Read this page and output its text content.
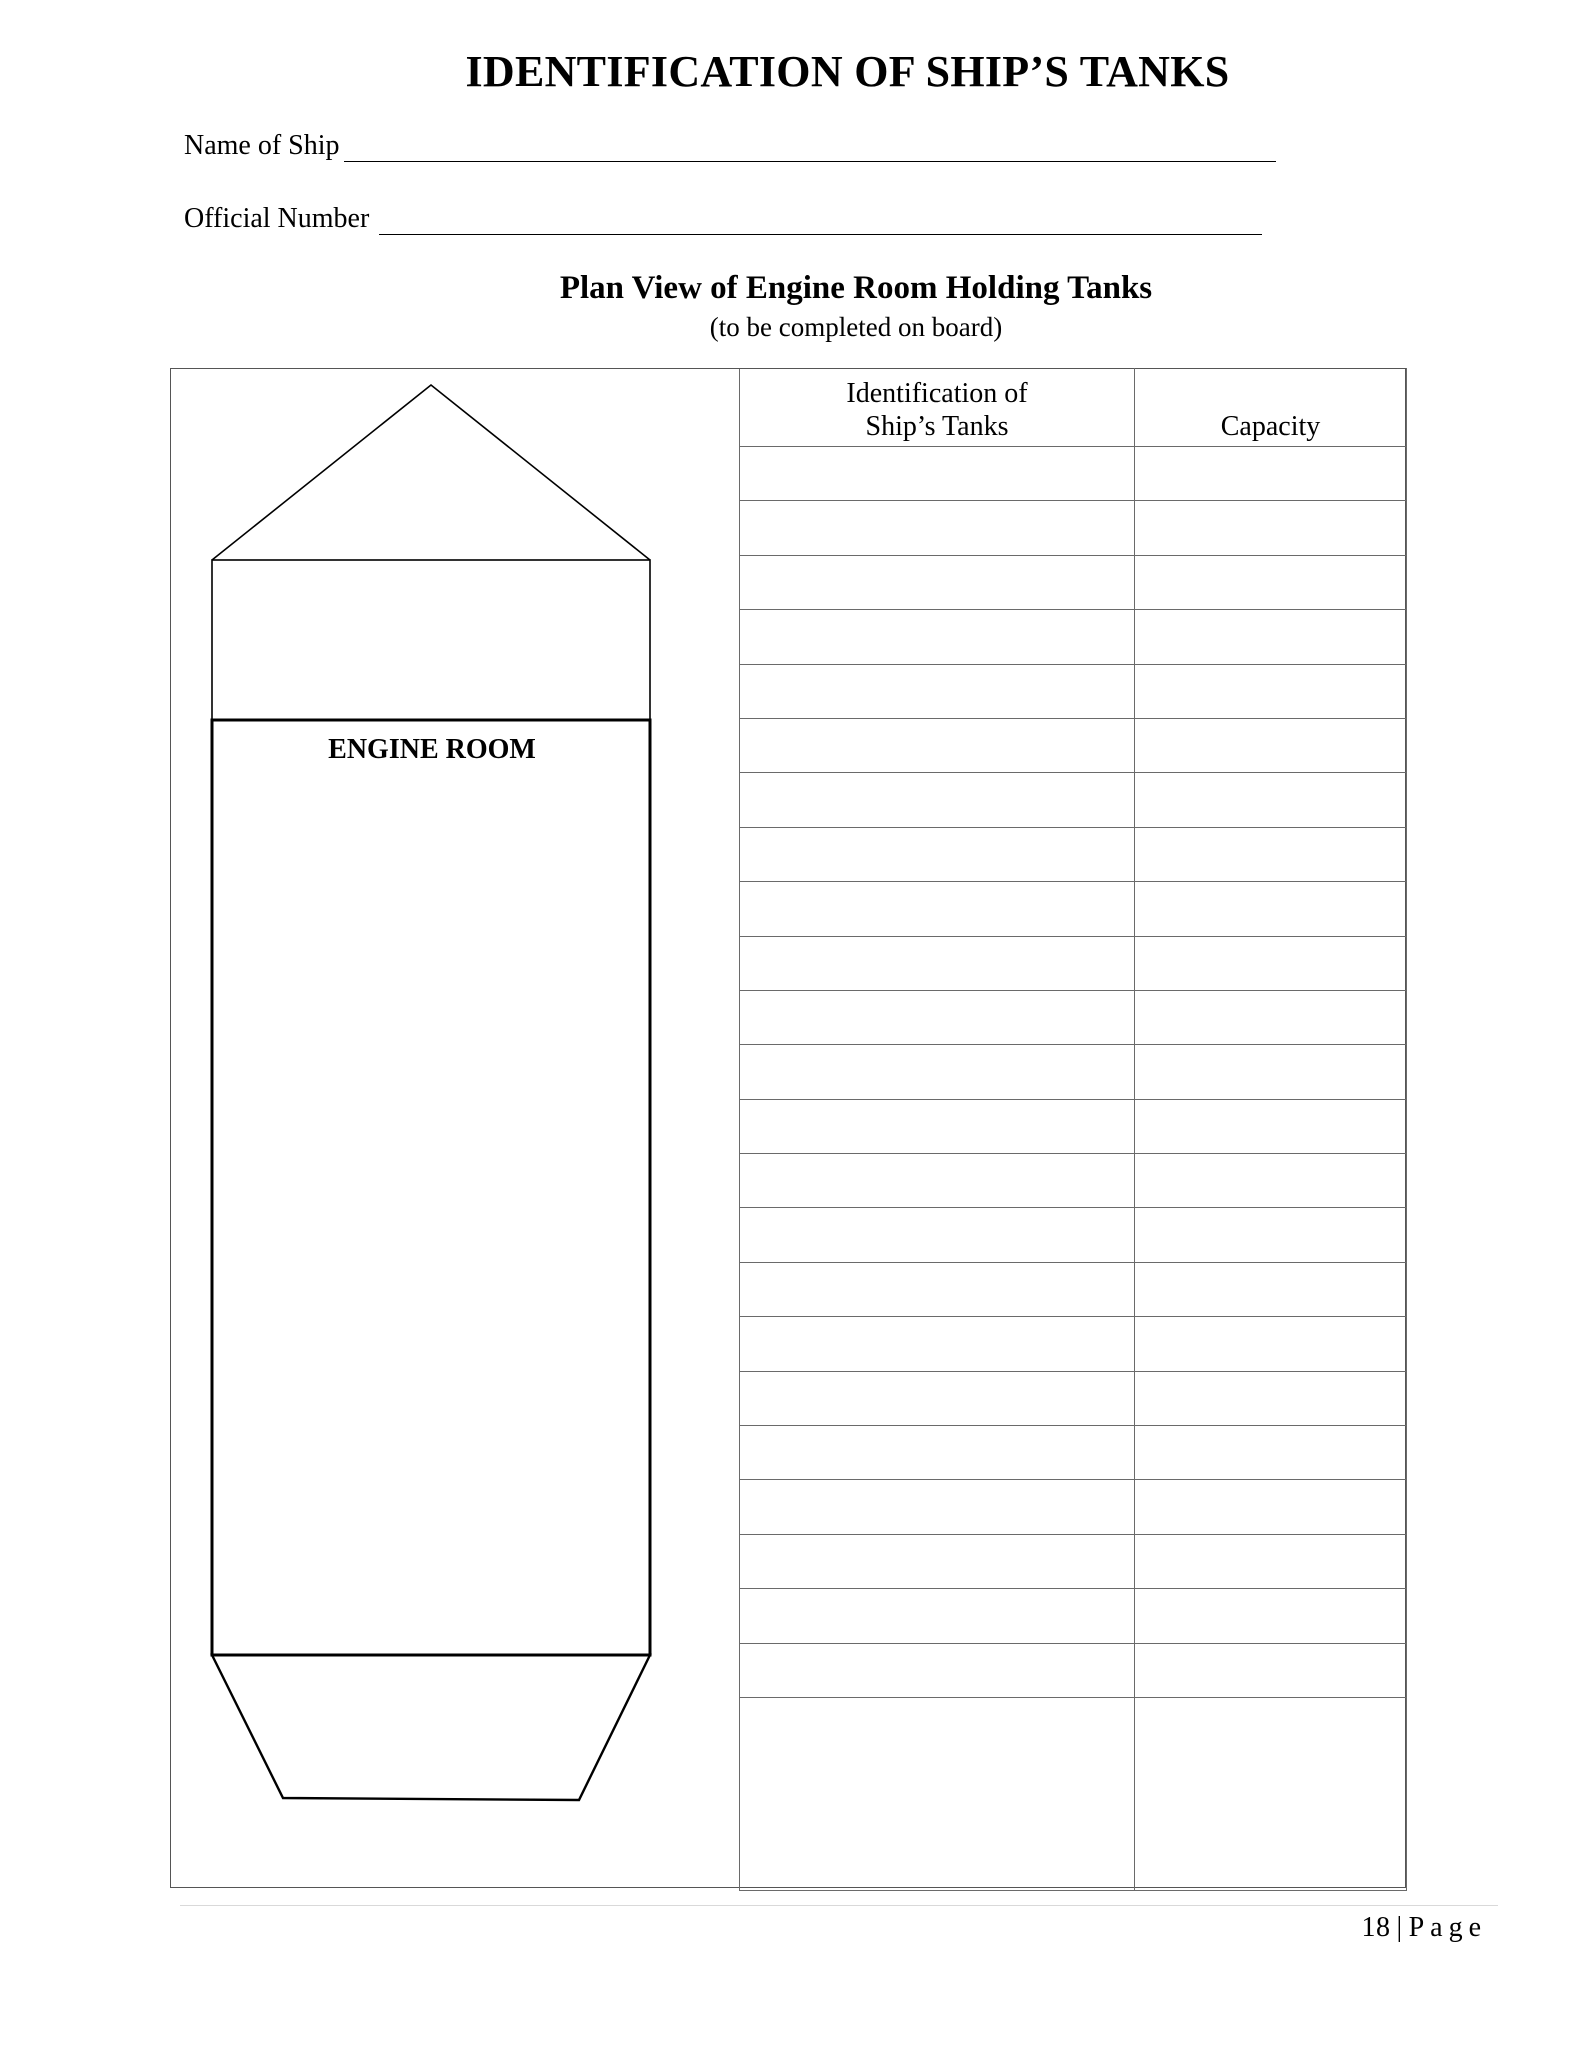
IDENTIFICATION OF SHIP’S TANKS
Name of Ship
Official Number
Plan View of Engine Room Holding Tanks
(to be completed on board)
ENGINE ROOM
Identification of
Ship’s Tanks	Capacity

18 | Page
